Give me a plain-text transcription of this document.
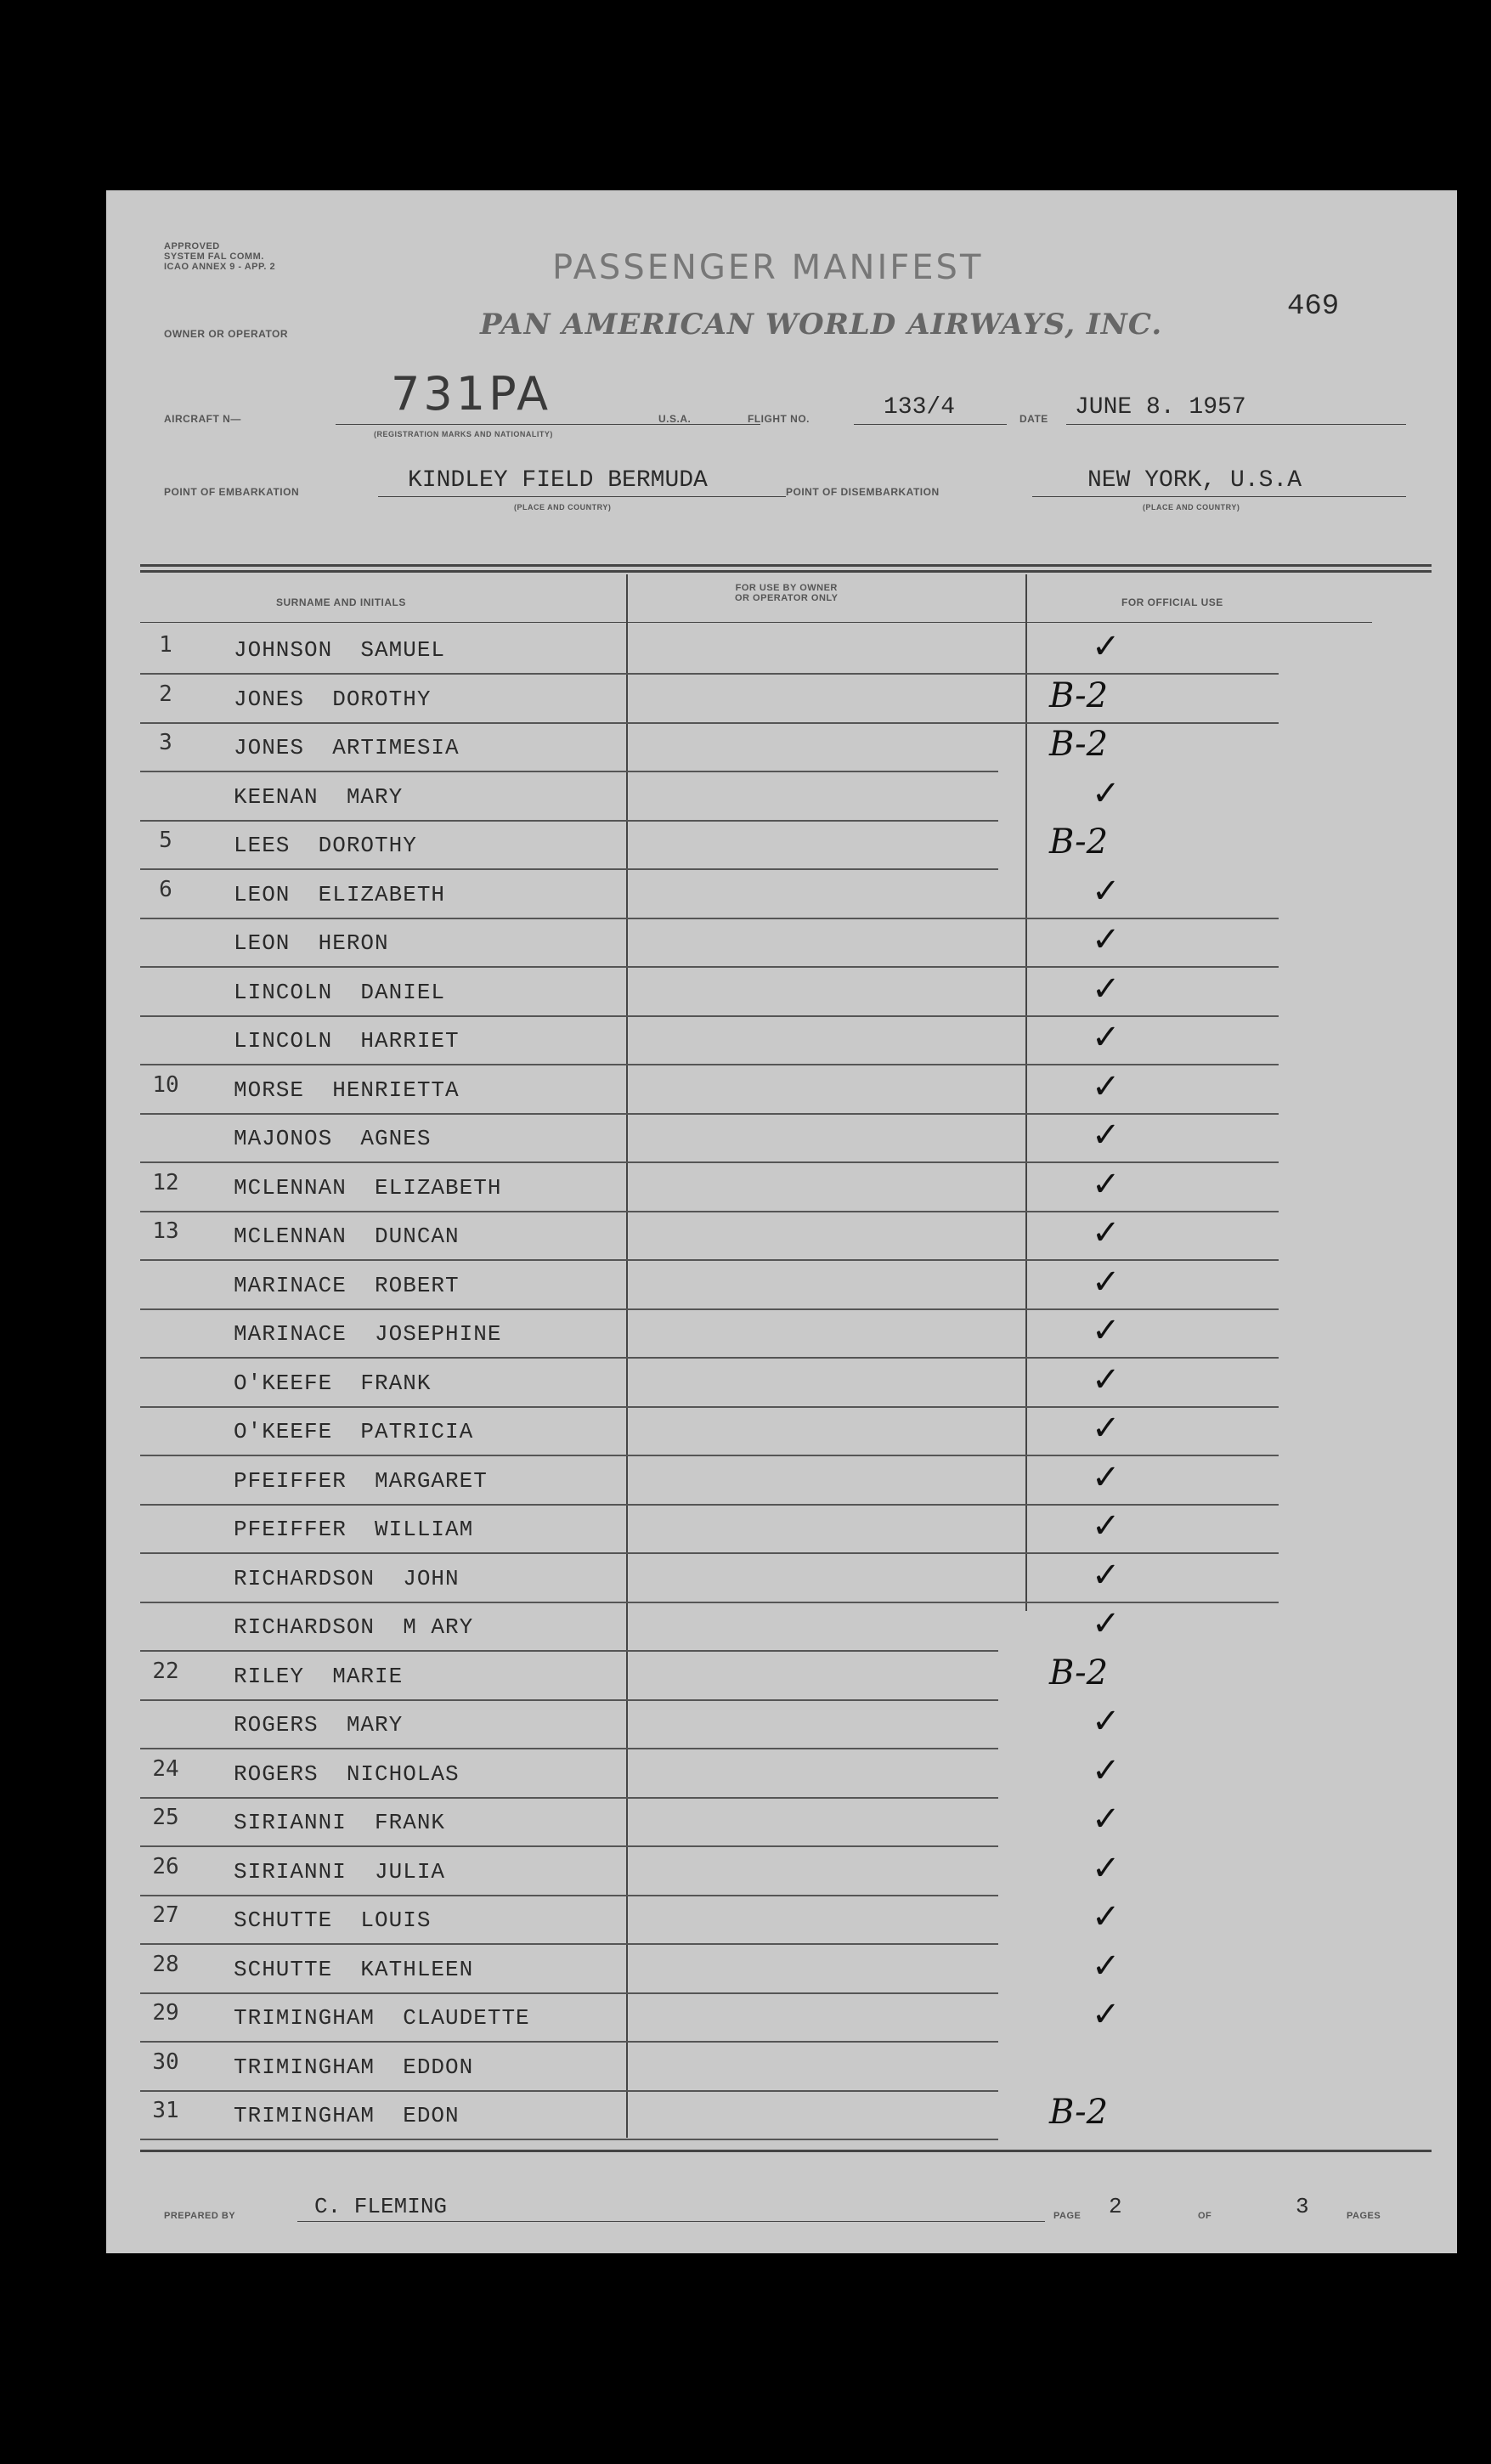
APPROVED
SYSTEM FAL COMM.
ICAO ANNEX 9 - APP. 2	PASSENGER MANIFEST
469
OWNER OR OPERATOR	PAN AMERICAN WORLD AIRWAYS, INC.
AIRCRAFT N—	731PA
(REGISTRATION MARKS AND NATIONALITY)
U.S.A.	FLIGHT NO.	133/4	DATE JUNE 8. 1957
POINT OF EMBARKATION	KINDLEY FIELD BERMUDA
(PLACE AND COUNTRY)
POINT OF DISEMBARKATION	NEW YORK, U.S.A
(PLACE AND COUNTRY)
SURNAME AND INITIALS
FOR USE BY OWNER
OR OPERATOR ONLY	FOR OFFICIAL USE
1	JOHNSON  SAMUEL	✓
2	JONES  DOROTHY	B-2
3	JONES  ARTIMESIA	B-2
KEENAN  MARY	✓
5	LEES  DOROTHY	B-2
6	LEON  ELIZABETH	✓
LEON  HERON	✓
LINCOLN  DANIEL	✓
LINCOLN  HARRIET	✓
10	MORSE  HENRIETTA	✓
MAJONOS  AGNES	✓
12	MCLENNAN  ELIZABETH	✓
13	MCLENNAN  DUNCAN	✓
MARINACE  ROBERT	✓
MARINACE  JOSEPHINE	✓
O'KEEFE  FRANK	✓
O'KEEFE  PATRICIA	✓
PFEIFFER  MARGARET	✓
PFEIFFER  WILLIAM	✓
RICHARDSON  JOHN	✓
RICHARDSON  M ARY	✓
22	RILEY  MARIE	B-2
ROGERS  MARY	✓
24	ROGERS  NICHOLAS	✓
25	SIRIANNI  FRANK	✓
26	SIRIANNI  JULIA	✓
27	SCHUTTE  LOUIS	✓
28	SCHUTTE  KATHLEEN	✓
29	TRIMINGHAM  CLAUDETTE	✓
30	TRIMINGHAM  EDDON
31	TRIMINGHAM  EDON	B-2
PREPARED BY	C. FLEMING	PAGE 2	OF	3	PAGES
